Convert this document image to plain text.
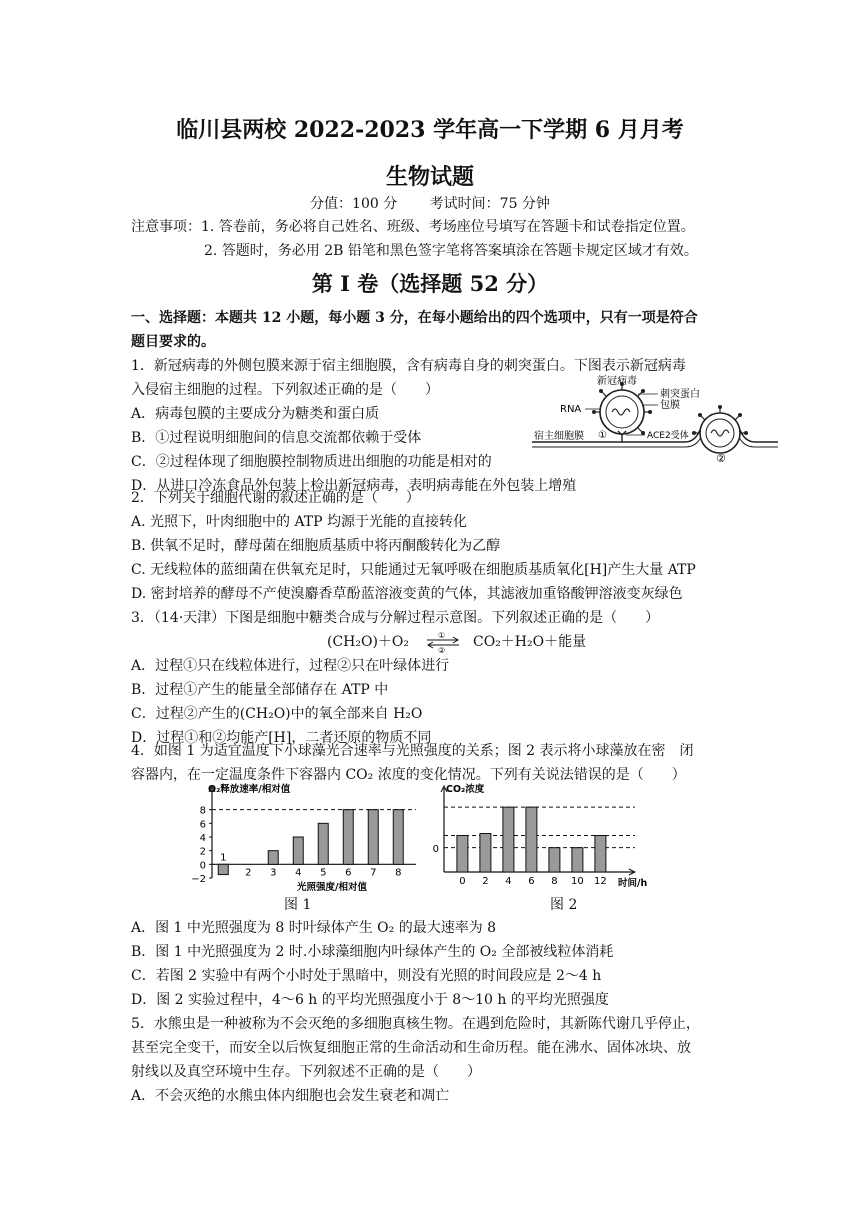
临川县两校 2022-2023 学年高一下学期 6 月月考
生物试题
分值：100 分 考试时间：75 分钟
注意事项：1. 答卷前，务必将自己姓名、班级、考场座位号填写在答题卡和试卷指定位置。
2. 答题时，务必用 2B 铅笔和黑色签字笔将答案填涂在答题卡规定区域才有效。
第 I 卷（选择题 52 分）
一、选择题：本题共 12 小题，每小题 3 分，在每小题给出的四个选项中，只有一项是符合
题目要求的。
1．新冠病毒的外侧包膜来源于宿主细胞膜，含有病毒自身的刺突蛋白。下图表示新冠病毒
入侵宿主细胞的过程。下列叙述正确的是（　　）
A．病毒包膜的主要成分为糖类和蛋白质
B．①过程说明细胞间的信息交流都依赖于受体
C．②过程体现了细胞膜控制物质进出细胞的功能是相对的
D．从进口冷冻食品外包装上检出新冠病毒，表明病毒能在外包装上增殖
新冠病毒
刺突蛋白
包膜
RNA
ACE2受体
宿主细胞膜 ①
②
2．下列关于细胞代谢的叙述正确的是（　　）
A. 光照下，叶肉细胞中的 ATP 均源于光能的直接转化
B. 供氧不足时，酵母菌在细胞质基质中将丙酮酸转化为乙醇
C. 无线粒体的蓝细菌在供氧充足时，只能通过无氧呼吸在细胞质基质氧化[H]产生大量 ATP
D. 密封培养的酵母不产使溴麝香草酚蓝溶液变黄的气体，其滤液加重铬酸钾溶液变灰绿色
3．（14·天津）下图是细胞中糖类合成与分解过程示意图。下列叙述正确的是（　　）
(CH₂O)＋O₂	①
②
CO₂＋H₂O＋能量
A．过程①只在线粒体进行，过程②只在叶绿体进行
B．过程①产生的能量全部储存在 ATP 中
C．过程②产生的(CH₂O)中的氧全部来自 H₂O
D．过程①和②均能产[H]，二者还原的物质不同
4．如图 1 为适宜温度下小球藻光合速率与光照强度的关系；图 2 表示将小球藻放在密　闭
容器内，在一定温度条件下容器内 CO₂ 浓度的变化情况。下列有关说法错误的是（　　）
O₂释放速率/相对值
8
6
4
2
0
−2
1
2 3 4 5 6 7 8
光照强度/相对值
CO₂浓度
0
0 2 4 6 8 10 12 时间/h
图 1	图 2
A．图 1 中光照强度为 8 时叶绿体产生 O₂ 的最大速率为 8
B．图 1 中光照强度为 2 时.小球藻细胞内叶绿体产生的 O₂ 全部被线粒体消耗
C．若图 2 实验中有两个小时处于黑暗中，则没有光照的时间段应是 2～4 h
D．图 2 实验过程中，4～6 h 的平均光照强度小于 8～10 h 的平均光照强度
5．水熊虫是一种被称为不会灭绝的多细胞真核生物。在遇到危险时，其新陈代谢几乎停止，
甚至完全变干，而安全以后恢复细胞正常的生命活动和生命历程。能在沸水、固体冰块、放
射线以及真空环境中生存。下列叙述不正确的是（　　）
A．不会灭绝的水熊虫体内细胞也会发生衰老和凋亡
